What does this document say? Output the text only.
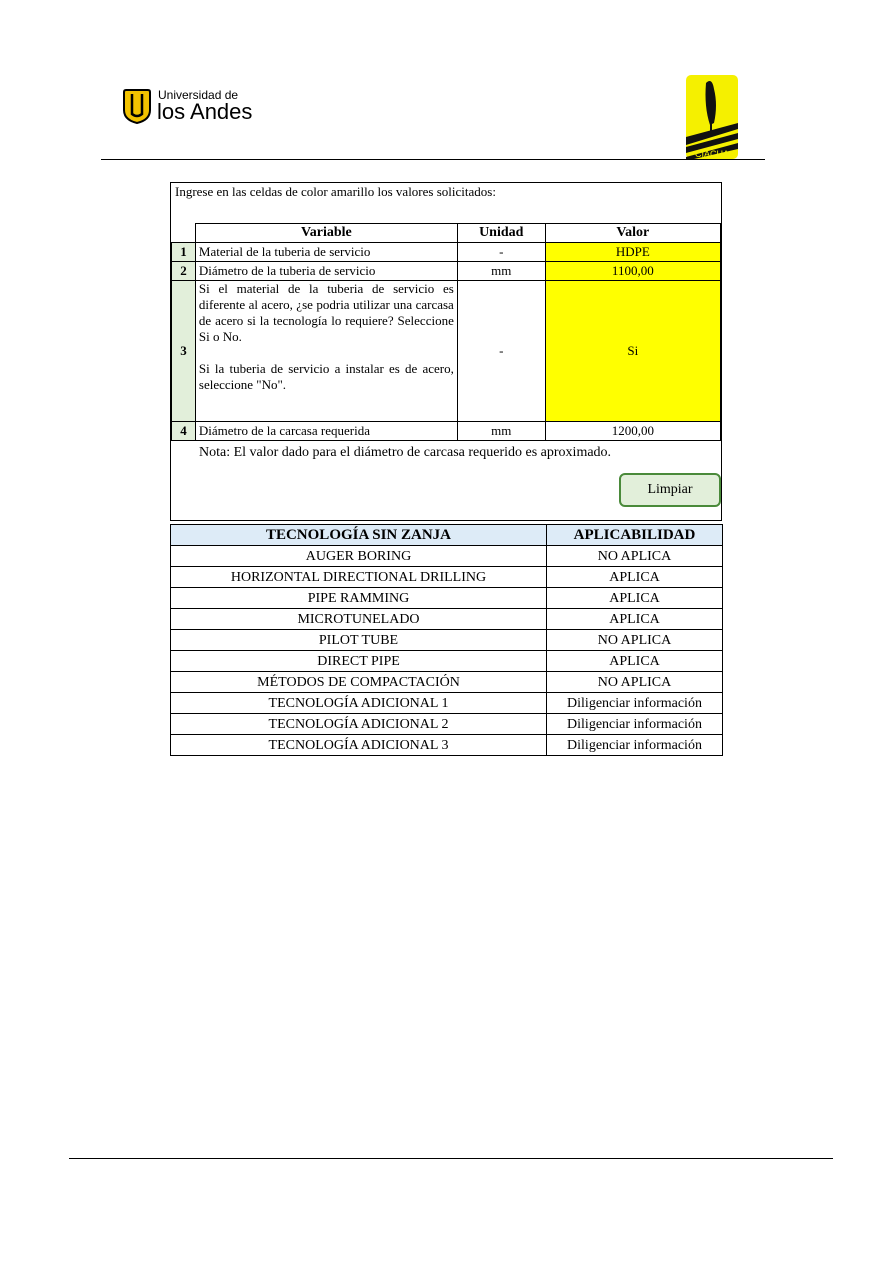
Universidad de
los Andes
CIACUA
Ingrese en las celdas de color amarillo los valores solicitados:
	Variable	Unidad	Valor
1	Material de la tuberia de servicio	-	HDPE
2	Diámetro de la tuberia de servicio	mm	1100,00
3	Si el material de la tuberia de servicio es diferente al acero, ¿se podria utilizar una carcasa de acero si la tecnología lo requiere? Seleccione Si o No.
Si la tuberia de servicio a instalar es de acero, seleccione "No".	-	Si
4	Diámetro de la carcasa requerida	mm	1200,00
Nota: El valor dado para el diámetro de carcasa requerido es aproximado.
Limpiar
TECNOLOGÍA SIN ZANJA	APLICABILIDAD
AUGER BORING	NO APLICA
HORIZONTAL DIRECTIONAL DRILLING	APLICA
PIPE RAMMING	APLICA
MICROTUNELADO	APLICA
PILOT TUBE	NO APLICA
DIRECT PIPE	APLICA
MÉTODOS DE COMPACTACIÓN	NO APLICA
TECNOLOGÍA ADICIONAL 1	Diligenciar información
TECNOLOGÍA ADICIONAL 2	Diligenciar información
TECNOLOGÍA ADICIONAL 3	Diligenciar información
